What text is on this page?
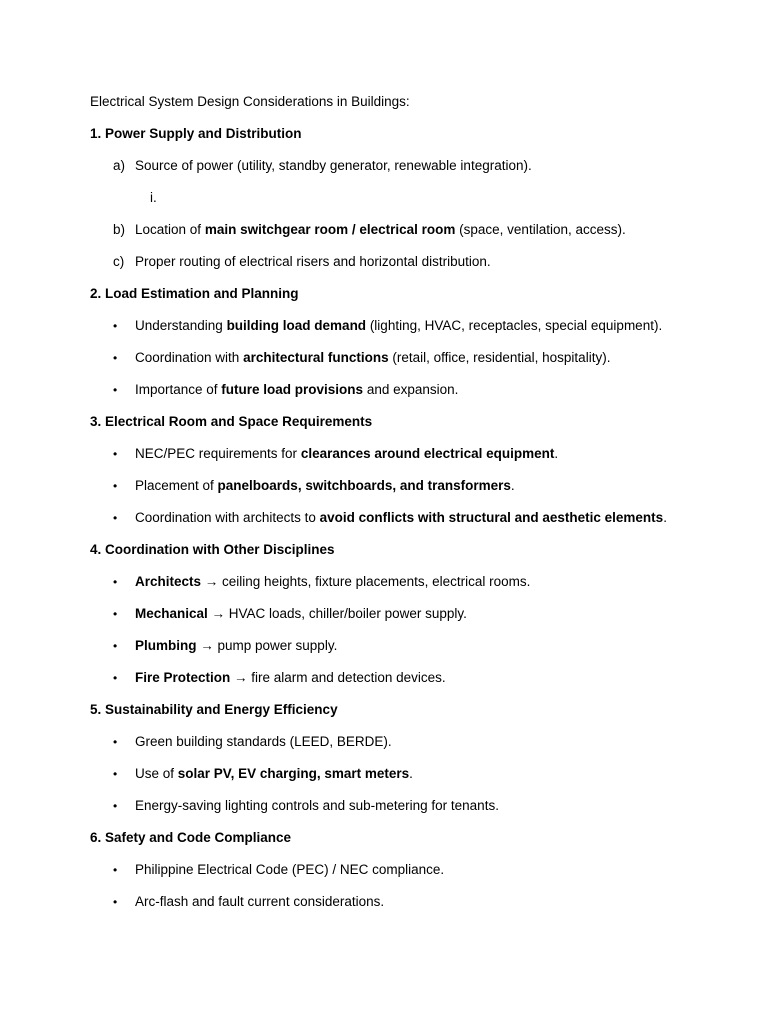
Electrical System Design Considerations in Buildings:
1. Power Supply and Distribution
a) Source of power (utility, standby generator, renewable integration).
i.
b) Location of main switchgear room / electrical room (space, ventilation, access).
c) Proper routing of electrical risers and horizontal distribution.
2. Load Estimation and Planning
• Understanding building load demand (lighting, HVAC, receptacles, special equipment).
• Coordination with architectural functions (retail, office, residential, hospitality).
• Importance of future load provisions and expansion.
3. Electrical Room and Space Requirements
• NEC/PEC requirements for clearances around electrical equipment.
• Placement of panelboards, switchboards, and transformers.
• Coordination with architects to avoid conflicts with structural and aesthetic elements.
4. Coordination with Other Disciplines
• Architects → ceiling heights, fixture placements, electrical rooms.
• Mechanical → HVAC loads, chiller/boiler power supply.
• Plumbing → pump power supply.
• Fire Protection → fire alarm and detection devices.
5. Sustainability and Energy Efficiency
• Green building standards (LEED, BERDE).
• Use of solar PV, EV charging, smart meters.
• Energy-saving lighting controls and sub-metering for tenants.
6. Safety and Code Compliance
• Philippine Electrical Code (PEC) / NEC compliance.
• Arc-flash and fault current considerations.
